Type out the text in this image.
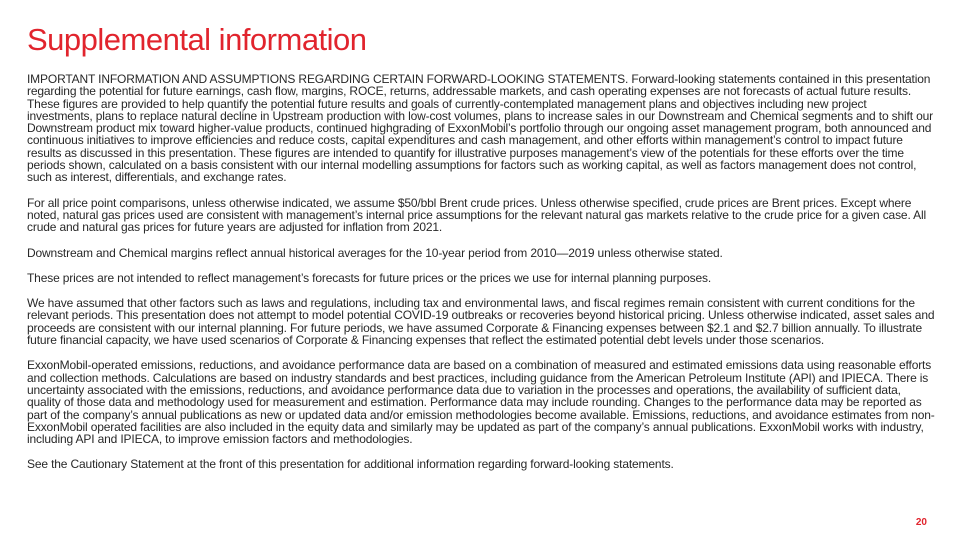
Supplemental information

IMPORTANT INFORMATION AND ASSUMPTIONS REGARDING CERTAIN FORWARD-LOOKING STATEMENTS. Forward-looking statements contained in this presentation regarding the potential for future earnings, cash flow, margins, ROCE, returns, addressable markets, and cash operating expenses are not forecasts of actual future results. These figures are provided to help quantify the potential future results and goals of currently-contemplated management plans and objectives including new project investments, plans to replace natural decline in Upstream production with low-cost volumes, plans to increase sales in our Downstream and Chemical segments and to shift our Downstream product mix toward higher-value products, continued highgrading of ExxonMobil’s portfolio through our ongoing asset management program, both announced and continuous initiatives to improve efficiencies and reduce costs, capital expenditures and cash management, and other efforts within management’s control to impact future results as discussed in this presentation. These figures are intended to quantify for illustrative purposes management’s view of the potentials for these efforts over the time periods shown, calculated on a basis consistent with our internal modelling assumptions for factors such as working capital, as well as factors management does not control, such as interest, differentials, and exchange rates.

For all price point comparisons, unless otherwise indicated, we assume $50/bbl Brent crude prices. Unless otherwise specified, crude prices are Brent prices. Except where noted, natural gas prices used are consistent with management’s internal price assumptions for the relevant natural gas markets relative to the crude price for a given case. All crude and natural gas prices for future years are adjusted for inflation from 2021.

Downstream and Chemical margins reflect annual historical averages for the 10-year period from 2010—2019 unless otherwise stated.

These prices are not intended to reflect management’s forecasts for future prices or the prices we use for internal planning purposes.

We have assumed that other factors such as laws and regulations, including tax and environmental laws, and fiscal regimes remain consistent with current conditions for the relevant periods. This presentation does not attempt to model potential COVID-19 outbreaks or recoveries beyond historical pricing. Unless otherwise indicated, asset sales and proceeds are consistent with our internal planning. For future periods, we have assumed Corporate & Financing expenses between $2.1 and $2.7 billion annually. To illustrate future financial capacity, we have used scenarios of Corporate & Financing expenses that reflect the estimated potential debt levels under those scenarios.

ExxonMobil-operated emissions, reductions, and avoidance performance data are based on a combination of measured and estimated emissions data using reasonable efforts and collection methods. Calculations are based on industry standards and best practices, including guidance from the American Petroleum Institute (API) and IPIECA. There is uncertainty associated with the emissions, reductions, and avoidance performance data due to variation in the processes and operations, the availability of sufficient data, quality of those data and methodology used for measurement and estimation. Performance data may include rounding. Changes to the performance data may be reported as part of the company’s annual publications as new or updated data and/or emission methodologies become available. Emissions, reductions, and avoidance estimates from non-ExxonMobil operated facilities are also included in the equity data and similarly may be updated as part of the company’s annual publications. ExxonMobil works with industry, including API and IPIECA, to improve emission factors and methodologies.

See the Cautionary Statement at the front of this presentation for additional information regarding forward-looking statements.

20
